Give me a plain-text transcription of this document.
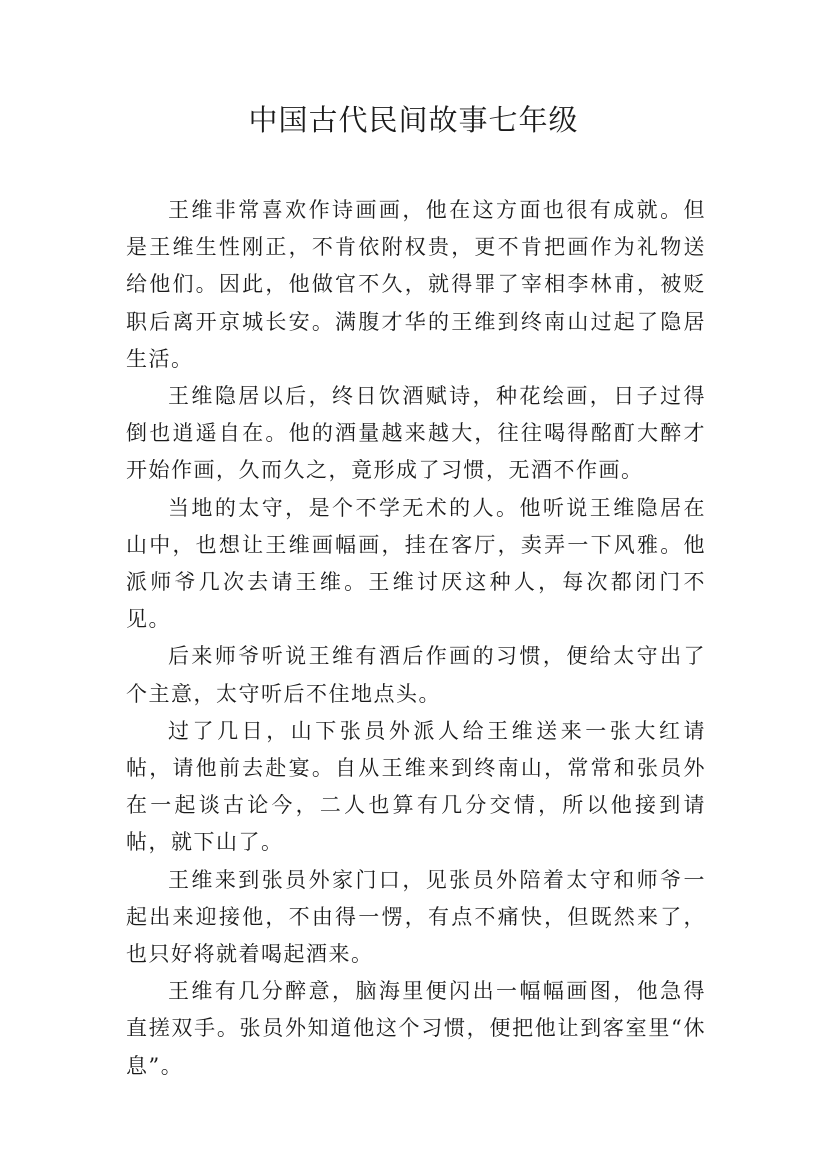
中国古代民间故事七年级

王维非常喜欢作诗画画，他在这方面也很有成就。但是王维生性刚正，不肯依附权贵，更不肯把画作为礼物送给他们。因此，他做官不久，就得罪了宰相李林甫，被贬职后离开京城长安。满腹才华的王维到终南山过起了隐居生活。

王维隐居以后，终日饮酒赋诗，种花绘画，日子过得倒也逍遥自在。他的酒量越来越大，往往喝得酩酊大醉才开始作画，久而久之，竟形成了习惯，无酒不作画。

当地的太守，是个不学无术的人。他听说王维隐居在山中，也想让王维画幅画，挂在客厅，卖弄一下风雅。他派师爷几次去请王维。王维讨厌这种人，每次都闭门不见。

后来师爷听说王维有酒后作画的习惯，便给太守出了个主意，太守听后不住地点头。

过了几日，山下张员外派人给王维送来一张大红请帖，请他前去赴宴。自从王维来到终南山，常常和张员外在一起谈古论今，二人也算有几分交情，所以他接到请帖，就下山了。

王维来到张员外家门口，见张员外陪着太守和师爷一起出来迎接他，不由得一愣，有点不痛快，但既然来了，也只好将就着喝起酒来。

王维有几分醉意，脑海里便闪出一幅幅画图，他急得直搓双手。张员外知道他这个习惯，便把他让到客室里“休息”。
